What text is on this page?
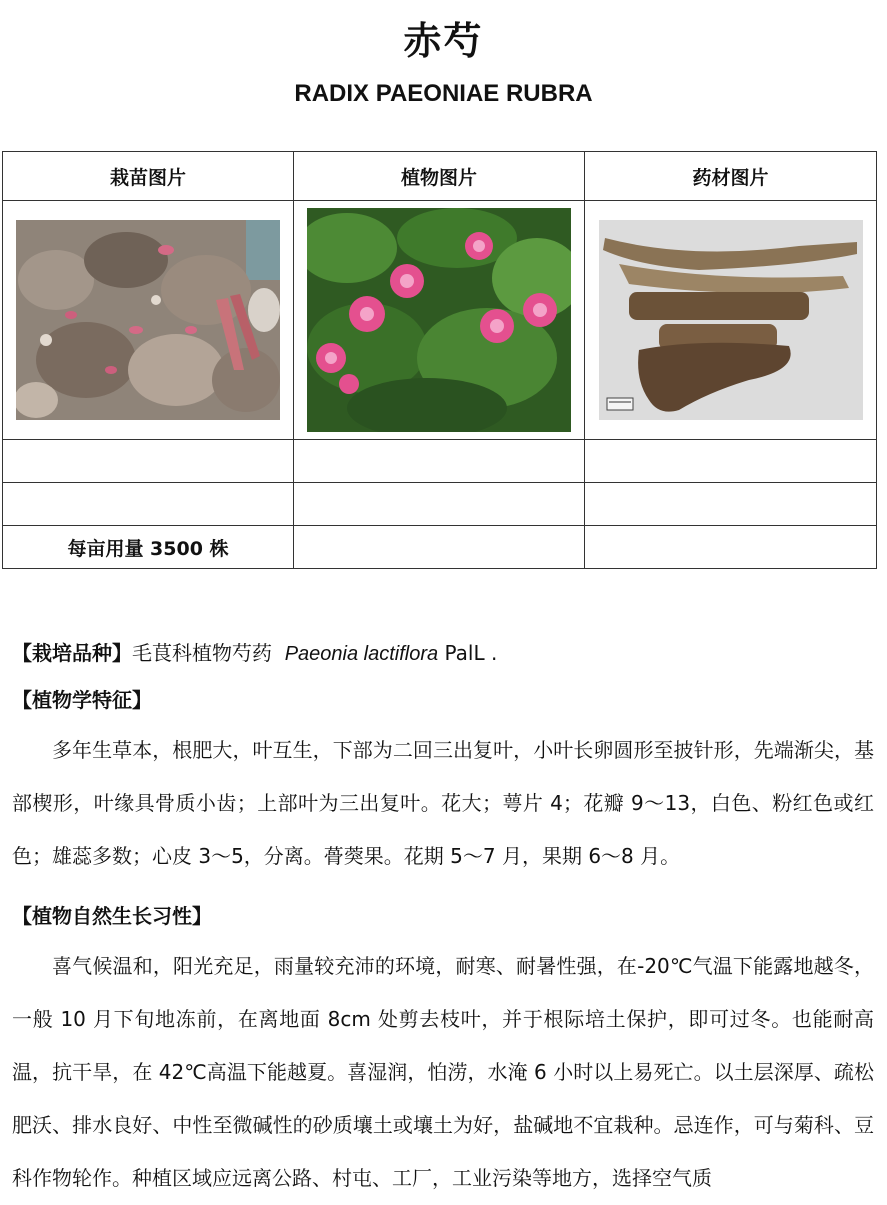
赤芍
RADIX PAEONIAE RUBRA
栽苗图片	植物图片	药材图片

每亩用量 3500 株		
【栽培品种】毛茛科植物芍药 Paeonia lactiflora PalL .
【植物学特征】
多年生草本，根肥大，叶互生，下部为二回三出复叶，小叶长卵圆形至披针形，先端渐尖，基部楔形，叶缘具骨质小齿；上部叶为三出复叶。花大；萼片 4；花瓣 9～13，白色、粉红色或红色；雄蕊多数；心皮 3～5，分离。蓇葖果。花期 5～7 月，果期 6～8 月。
【植物自然生长习性】
喜气候温和，阳光充足，雨量较充沛的环境，耐寒、耐暑性强，在-20℃气温下能露地越冬，一般 10 月下旬地冻前，在离地面 8cm 处剪去枝叶，并于根际培土保护，即可过冬。也能耐高温，抗干旱，在 42℃高温下能越夏。喜湿润，怕涝，水淹 6 小时以上易死亡。以土层深厚、疏松肥沃、排水良好、中性至微碱性的砂质壤土或壤土为好，盐碱地不宜栽种。忌连作，可与菊科、豆科作物轮作。种植区域应远离公路、村屯、工厂，工业污染等地方，选择空气质
